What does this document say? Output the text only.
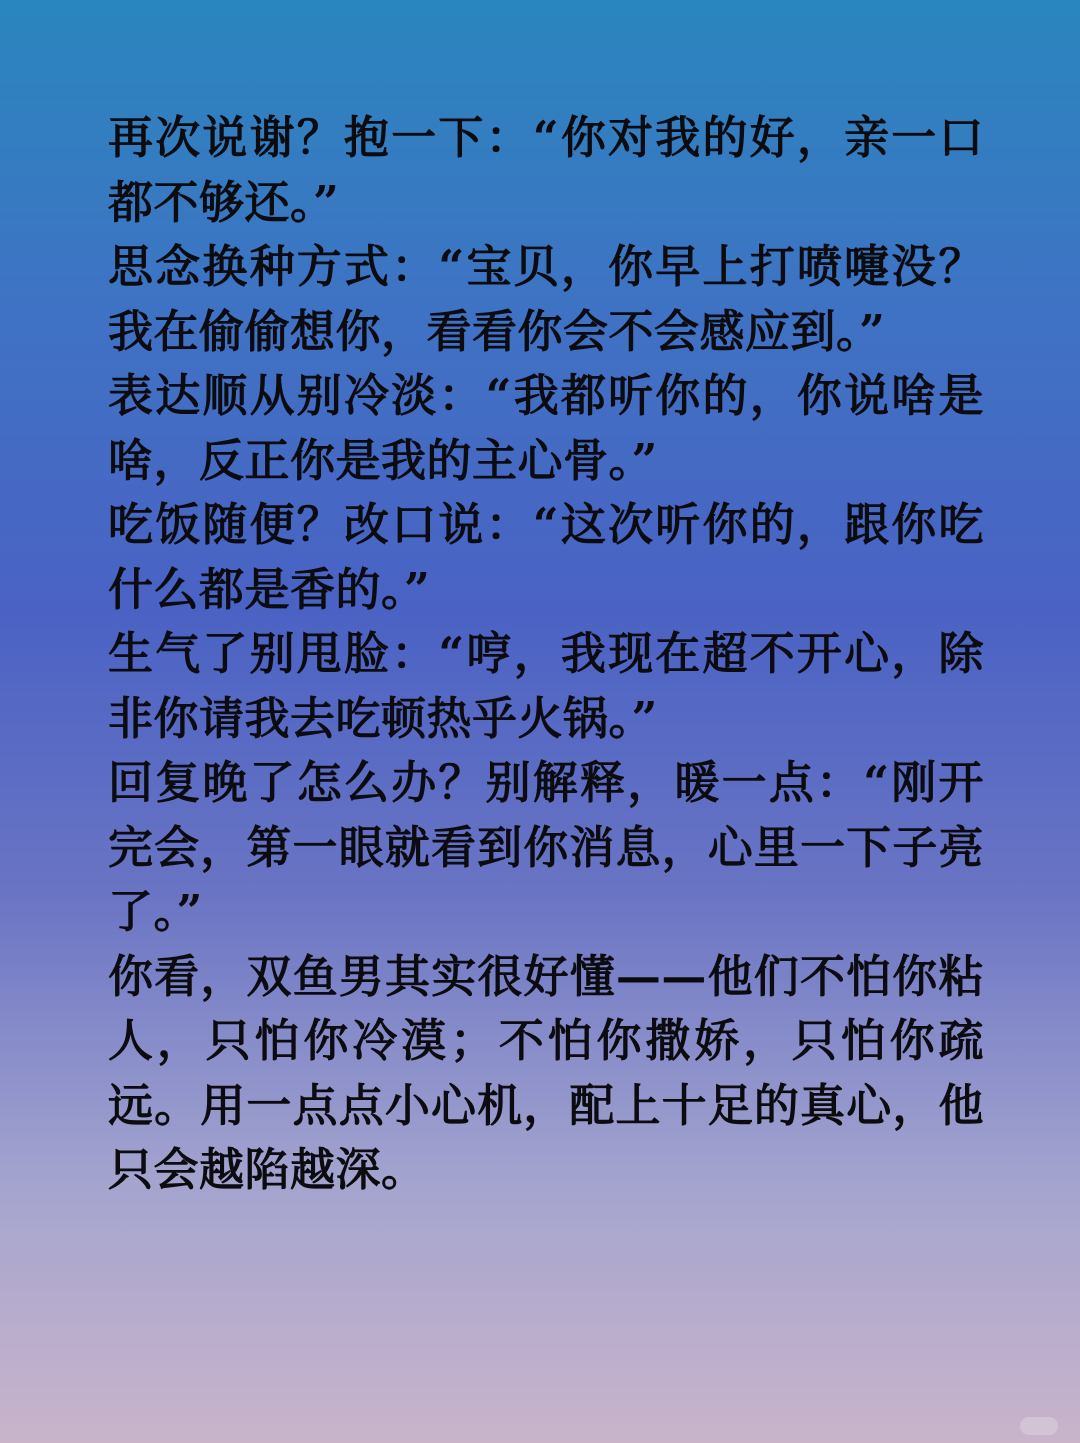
再次说谢？抱一下：“你对我的好，亲一口都不够还。”

思念换种方式：“宝贝，你早上打喷嚏没？我在偷偷想你，看看你会不会感应到。”

表达顺从别冷淡：“我都听你的，你说啥是啥，反正你是我的主心骨。”

吃饭随便？改口说：“这次听你的，跟你吃什么都是香的。”

生气了别甩脸：“哼，我现在超不开心，除非你请我去吃顿热乎火锅。”

回复晚了怎么办？别解释，暖一点：“刚开完会，第一眼就看到你消息，心里一下子亮了。”

你看，双鱼男其实很好懂——他们不怕你粘人，只怕你冷漠；不怕你撒娇，只怕你疏远。用一点点小心机，配上十足的真心，他只会越陷越深。
